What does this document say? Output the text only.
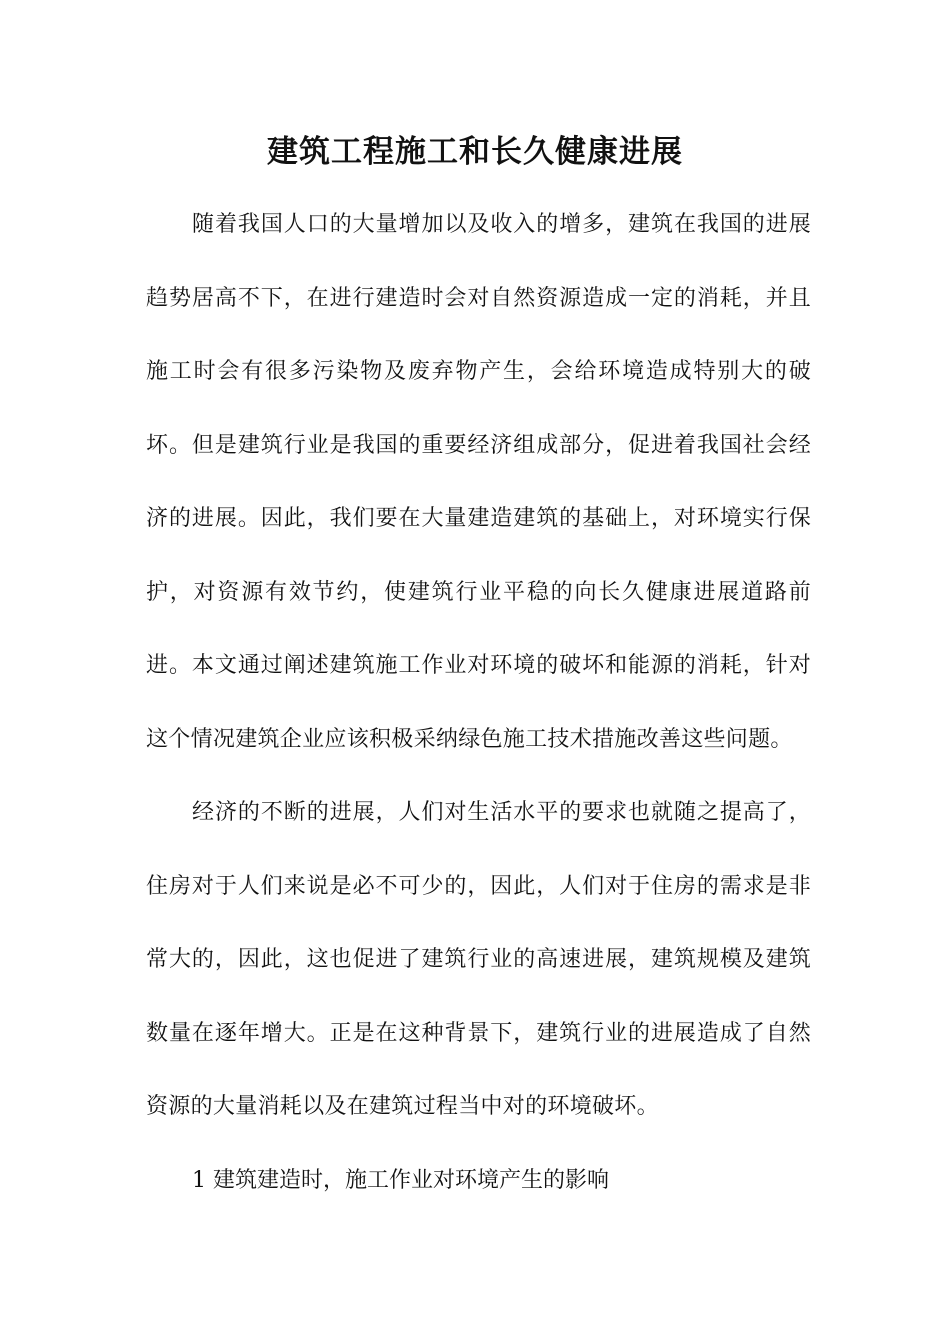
建筑工程施工和长久健康进展

随着我国人口的大量增加以及收入的增多，建筑在我国的进展趋势居高不下，在进行建造时会对自然资源造成一定的消耗，并且施工时会有很多污染物及废弃物产生，会给环境造成特别大的破坏。但是建筑行业是我国的重要经济组成部分，促进着我国社会经济的进展。因此，我们要在大量建造建筑的基础上，对环境实行保护，对资源有效节约，使建筑行业平稳的向长久健康进展道路前进。本文通过阐述建筑施工作业对环境的破坏和能源的消耗，针对这个情况建筑企业应该积极采纳绿色施工技术措施改善这些问题。

经济的不断的进展，人们对生活水平的要求也就随之提高了，住房对于人们来说是必不可少的，因此，人们对于住房的需求是非常大的，因此，这也促进了建筑行业的高速进展，建筑规模及建筑数量在逐年增大。正是在这种背景下，建筑行业的进展造成了自然资源的大量消耗以及在建筑过程当中对的环境破坏。

1 建筑建造时，施工作业对环境产生的影响
